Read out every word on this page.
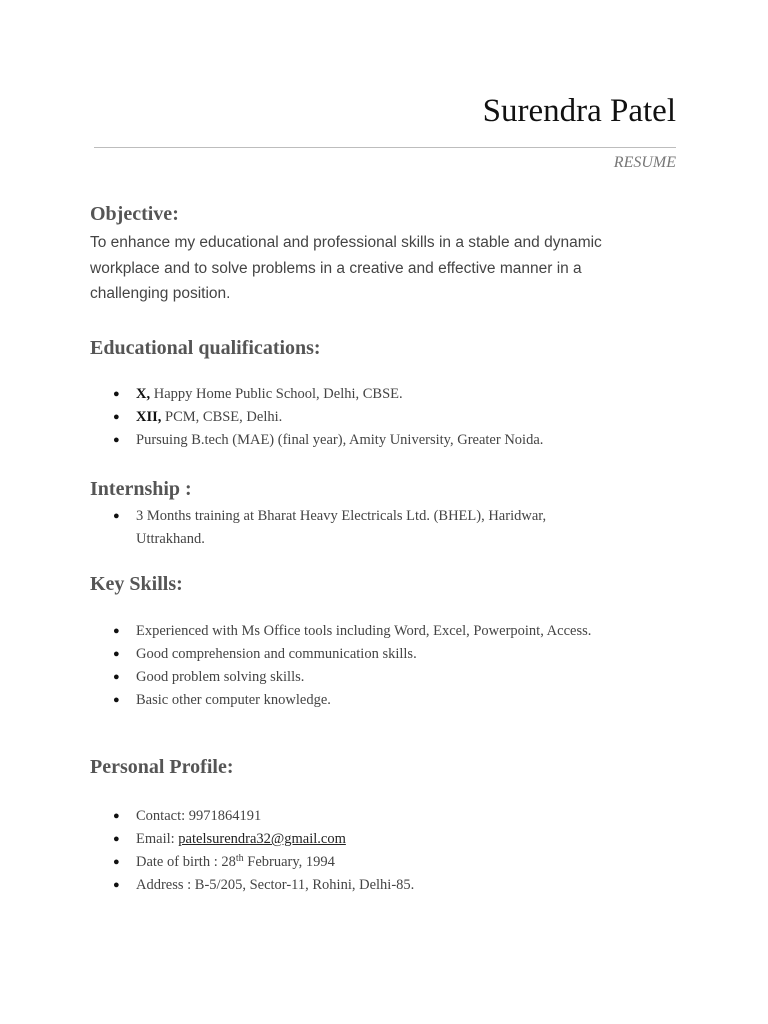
Surendra Patel

RESUME

Objective:

To enhance my educational and professional skills in a stable and dynamic workplace and to solve problems in a creative and effective manner in a challenging position.

Educational qualifications:
● X, Happy Home Public School, Delhi, CBSE.
● XII, PCM, CBSE, Delhi.
● Pursuing B.tech (MAE) (final year), Amity University, Greater Noida.
Internship :
● 3 Months training at Bharat Heavy Electricals Ltd. (BHEL), Haridwar,
Uttrakhand.
Key Skills:
● Experienced with Ms Office tools including Word, Excel, Powerpoint, Access.
● Good comprehension and communication skills.
● Good problem solving skills.
● Basic other computer knowledge.
Personal Profile:
● Contact: 9971864191
● Email: patelsurendra32@gmail.com
● Date of birth : 28th February, 1994
● Address : B-5/205, Sector-11, Rohini, Delhi-85.
